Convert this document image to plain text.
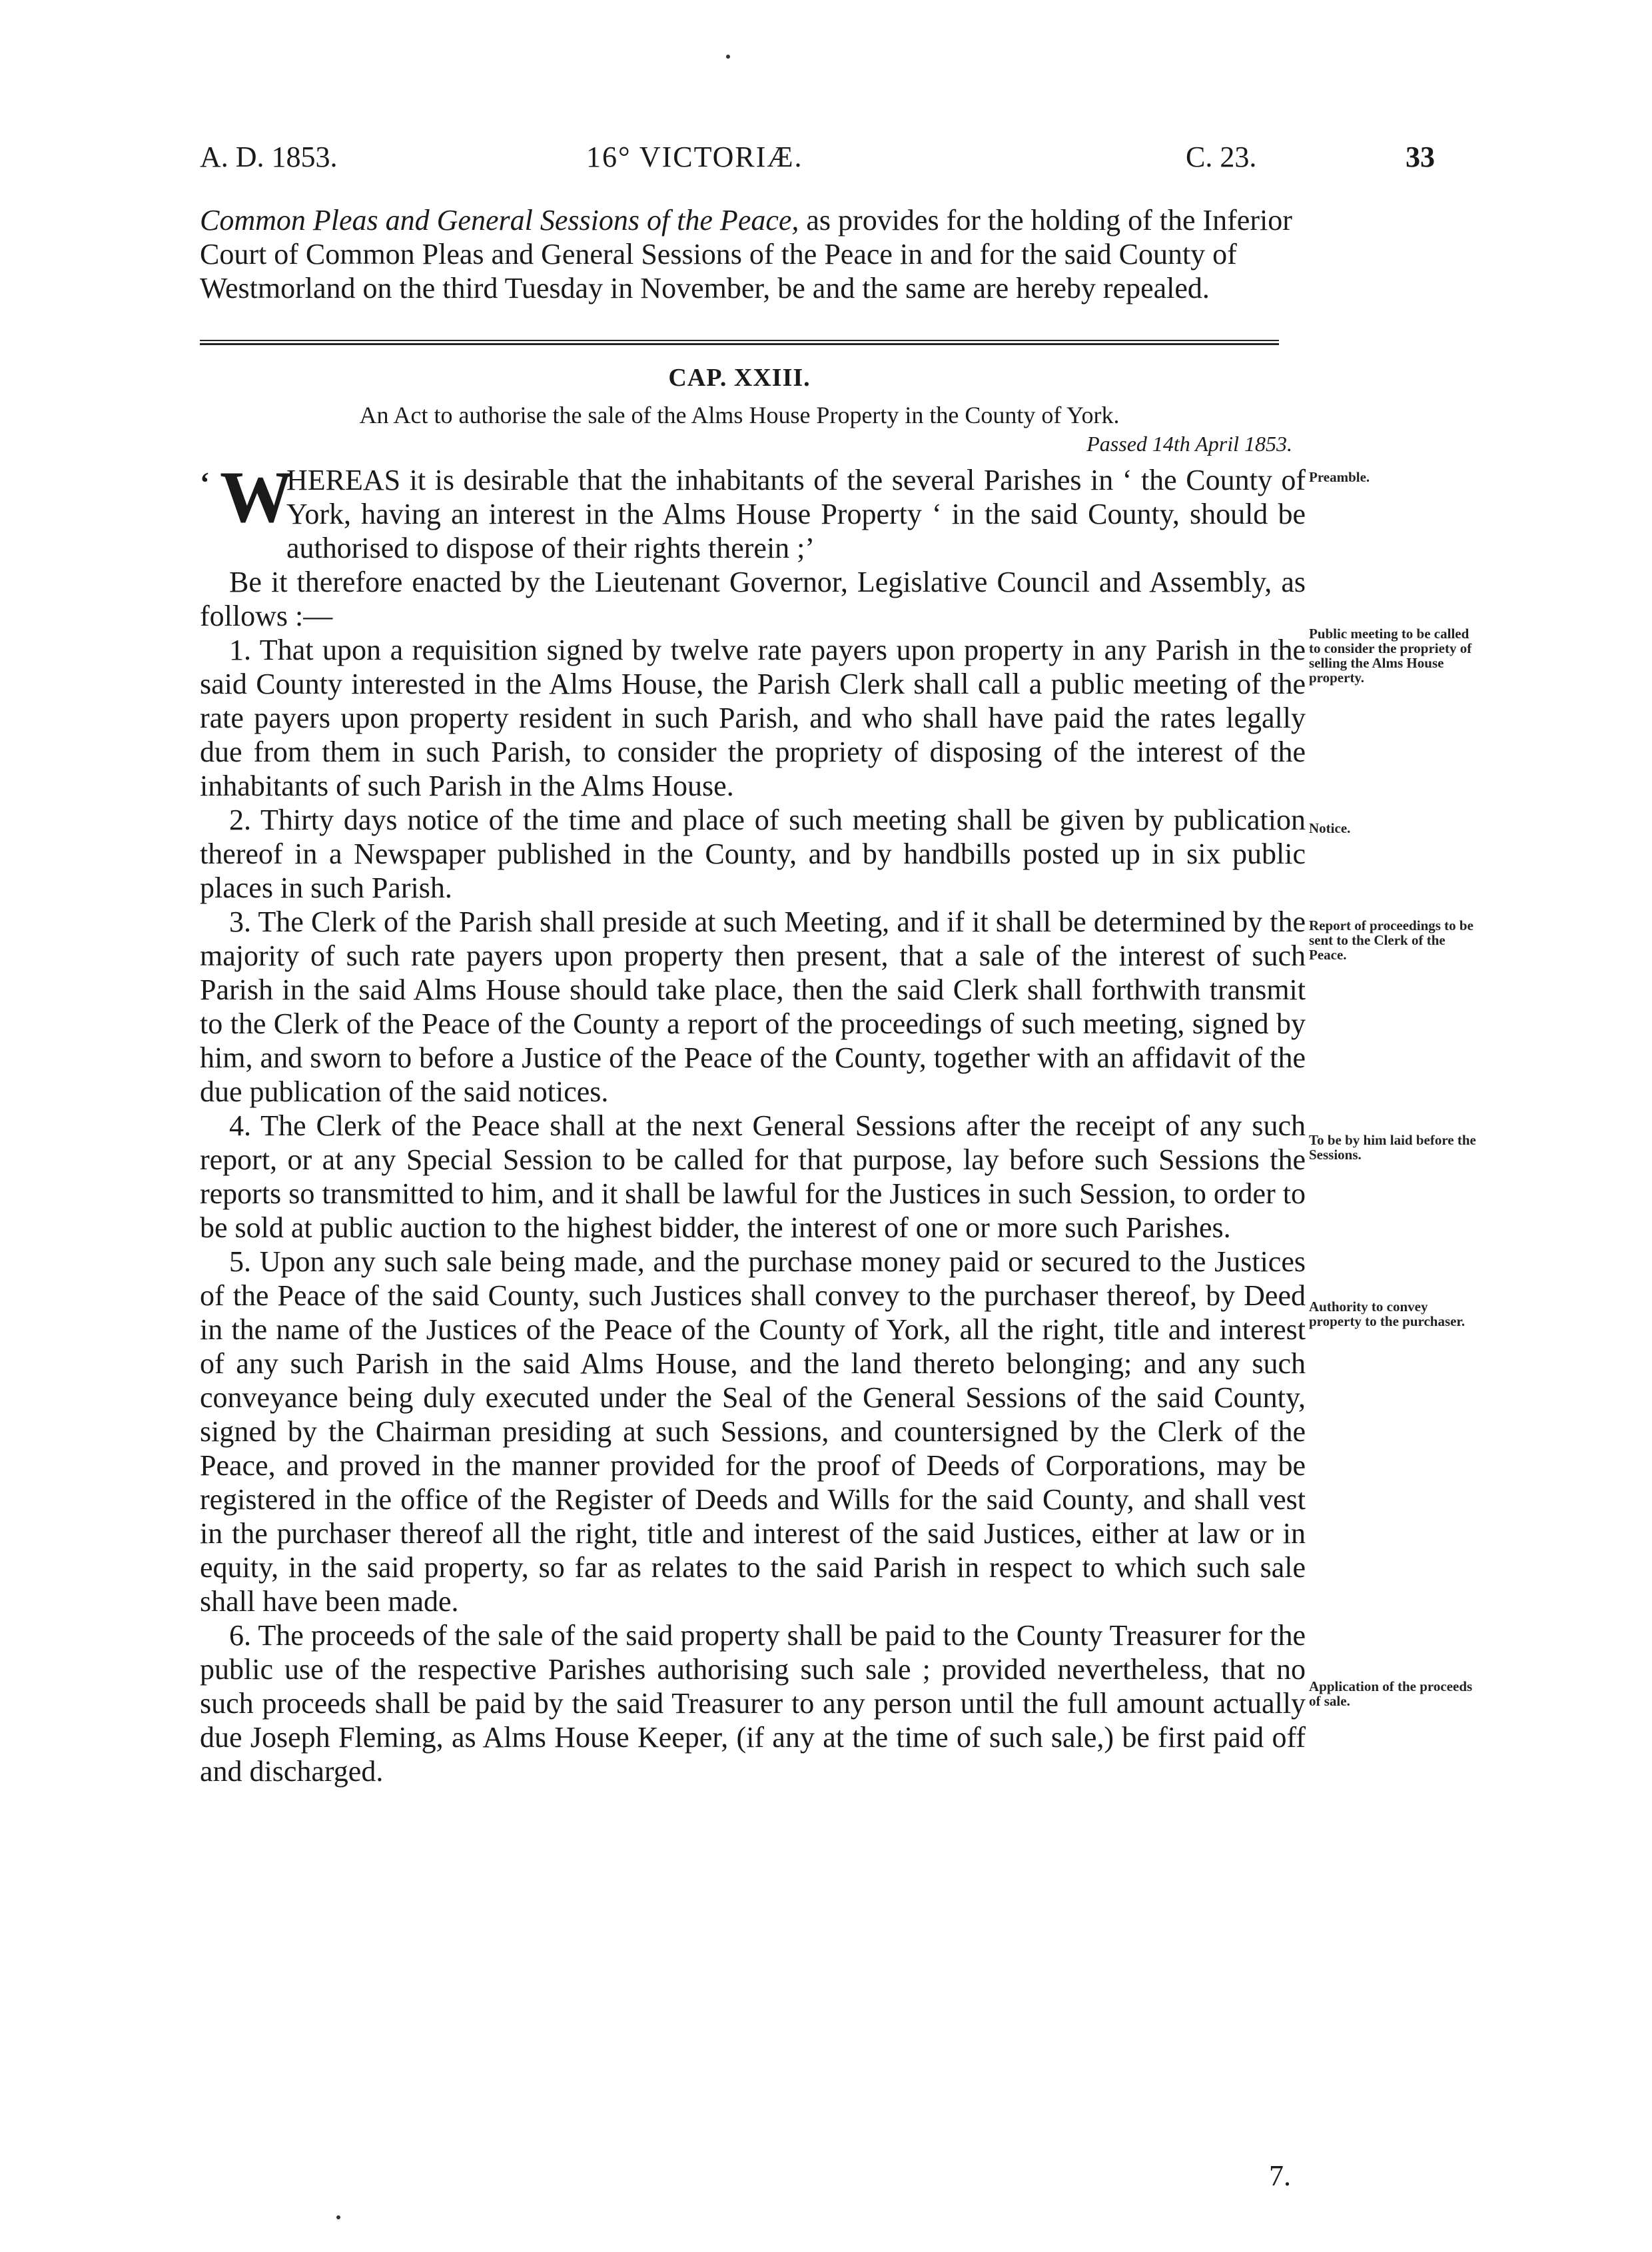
A. D. 1853.	16° VICTORIÆ.	C. 23.	33

Common Pleas and General Sessions of the Peace, as provides for the holding of the Inferior Court of Common Pleas and General Sessions of the Peace in and for the said County of Westmorland on the third Tuesday in November, be and the same are hereby repealed.

CAP. XXIII.
An Act to authorise the sale of the Alms House Property in the County of York.
Passed 14th April 1853.

‘ W
HEREAS it is desirable that the inhabitants of the several Parishes in ‘ the County of York, having an interest in the Alms House Property ‘ in the said County, should be authorised to dispose of their rights therein ;’

Be it therefore enacted by the Lieutenant Governor, Legislative Council and Assembly, as follows :—

1. That upon a requisition signed by twelve rate payers upon property in any Parish in the said County interested in the Alms House, the Parish Clerk shall call a public meeting of the rate payers upon property resident in such Parish, and who shall have paid the rates legally due from them in such Parish, to consider the propriety of disposing of the interest of the inhabitants of such Parish in the Alms House.

2. Thirty days notice of the time and place of such meeting shall be given by publication thereof in a Newspaper published in the County, and by handbills posted up in six public places in such Parish.

3. The Clerk of the Parish shall preside at such Meeting, and if it shall be determined by the majority of such rate payers upon property then present, that a sale of the interest of such Parish in the said Alms House should take place, then the said Clerk shall forthwith transmit to the Clerk of the Peace of the County a report of the proceedings of such meeting, signed by him, and sworn to before a Justice of the Peace of the County, together with an affidavit of the due publication of the said notices.

4. The Clerk of the Peace shall at the next General Sessions after the receipt of any such report, or at any Special Session to be called for that purpose, lay before such Sessions the reports so transmitted to him, and it shall be lawful for the Justices in such Session, to order to be sold at public auction to the highest bidder, the interest of one or more such Parishes.

5. Upon any such sale being made, and the purchase money paid or secured to the Justices of the Peace of the said County, such Justices shall convey to the purchaser thereof, by Deed in the name of the Justices of the Peace of the County of York, all the right, title and interest of any such Parish in the said Alms House, and the land thereto belonging; and any such conveyance being duly executed under the Seal of the General Sessions of the said County, signed by the Chairman presiding at such Sessions, and countersigned by the Clerk of the Peace, and proved in the manner provided for the proof of Deeds of Corporations, may be registered in the office of the Register of Deeds and Wills for the said County, and shall vest in the purchaser thereof all the right, title and interest of the said Justices, either at law or in equity, in the said property, so far as relates to the said Parish in respect to which such sale shall have been made.

6. The proceeds of the sale of the said property shall be paid to the County Treasurer for the public use of the respective Parishes authorising such sale ; provided nevertheless, that no such proceeds shall be paid by the said Treasurer to any person until the full amount actually due Joseph Fleming, as Alms House Keeper, (if any at the time of such sale,) be first paid off and discharged.

Preamble.
Public meeting to be called to consider the propriety of selling the Alms House property.
Notice.
Report of proceedings to be sent to the Clerk of the Peace.
To be by him laid before the Sessions.
Authority to convey property to the purchaser.
Application of the proceeds of sale.
7.
